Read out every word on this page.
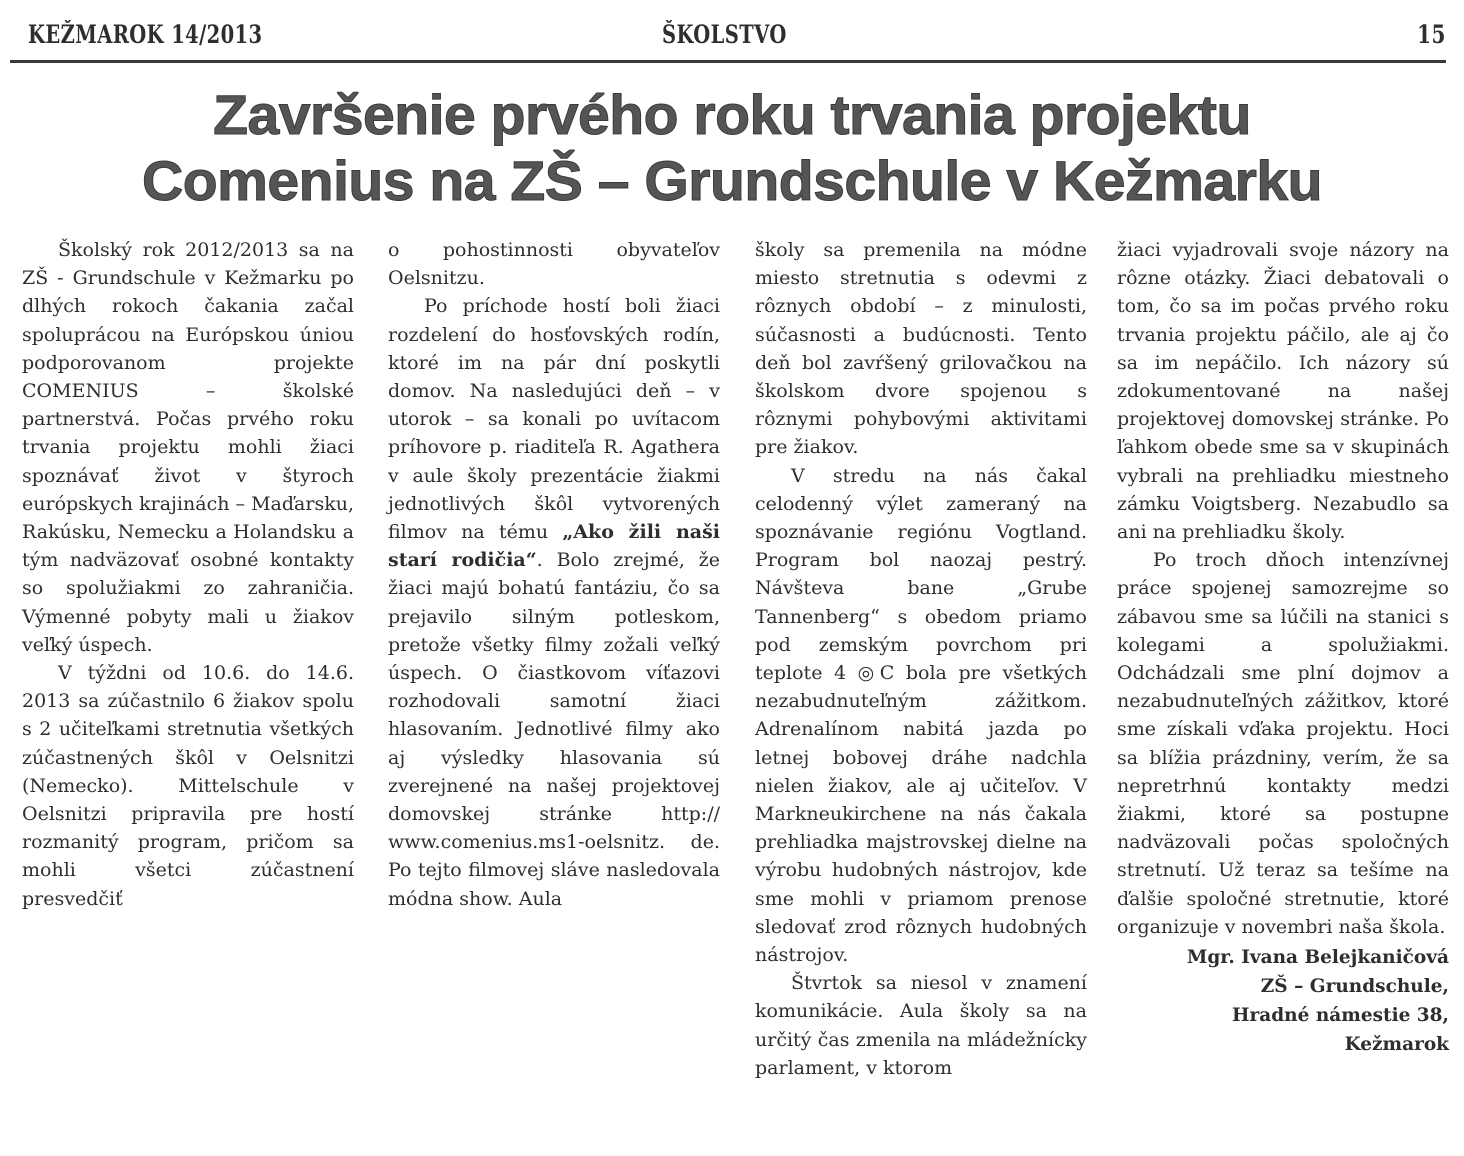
KEŽMAROK 14/2013	ŠKOLSTVO	15
Završenie prvého roku trvania projektu
Comenius na ZŠ – Grundschule v Kežmarku

Školský rok 2012/2013 sa na ZŠ - Grundschule v Kežmarku po dlhých rokoch čakania začal spoluprácou na Európskou úniou podporovanom projekte COMENIUS – školské partnerstvá. Počas prvého roku trvania projektu mohli žiaci spoznávať život v štyroch európskych krajinách – Maďarsku, Rakúsku, Nemecku a Holandsku a tým nadväzovať osobné kontakty so spolužiakmi zo zahraničia. Výmenné pobyty mali u žiakov veľký úspech.

V týždni od 10.6. do 14.6. 2013 sa zúčastnilo 6 žiakov spolu s 2 učiteľkami stretnutia všetkých zúčastnených škôl v Oelsnitzi (Nemecko). Mittelschule v Oelsnitzi pripravila pre hostí rozmanitý program, pričom sa mohli všetci zúčastnení presvedčiť

o pohostinnosti obyvateľov Oelsnitzu.

Po príchode hostí boli žiaci rozdelení do hosťovských rodín, ktoré im na pár dní poskytli domov. Na nasledujúci deň – v utorok – sa konali po uvítacom príhovore p. riaditeľa R. Agathera v aule školy prezentácie žiakmi jednotlivých škôl vytvorených filmov na tému „Ako žili naši starí rodičia“. Bolo zrejmé, že žiaci majú bohatú fantáziu, čo sa prejavilo silným potleskom, pretože všetky filmy zožali veľký úspech. O čiastkovom víťazovi rozhodovali samotní žiaci hlasovaním. Jednotlivé filmy ako aj výsledky hlasovania sú zverejnené na našej projektovej domovskej stránke http:// www.comenius.ms1-oelsnitz. de. Po tejto filmovej sláve nasledovala módna show. Aula

školy sa premenila na módne miesto stretnutia s odevmi z rôznych období – z minulosti, súčasnosti a budúcnosti. Tento deň bol zavŕšený grilovačkou na školskom dvore spojenou s rôznymi pohybovými aktivitami pre žiakov.

V stredu na nás čakal celodenný výlet zameraný na spoznávanie regiónu Vogtland. Program bol naozaj pestrý. Návšteva bane „Grube Tannenberg“ s obedom priamo pod zemským povrchom pri teplote 4 ◎C bola pre všetkých nezabudnuteľným zážitkom. Adrenalínom nabitá jazda po letnej bobovej dráhe nadchla nielen žiakov, ale aj učiteľov. V Markneukirchene na nás čakala prehliadka majstrovskej dielne na výrobu hudobných nástrojov, kde sme mohli v priamom prenose sledovať zrod rôznych hudobných nástrojov.

Štvrtok sa niesol v znamení komunikácie. Aula školy sa na určitý čas zmenila na mládežnícky parlament, v ktorom

žiaci vyjadrovali svoje názory na rôzne otázky. Žiaci debatovali o tom, čo sa im počas prvého roku trvania projektu páčilo, ale aj čo sa im nepáčilo. Ich názory sú zdokumentované na našej projektovej domovskej stránke. Po ľahkom obede sme sa v skupinách vybrali na prehliadku miestneho zámku Voigtsberg. Nezabudlo sa ani na prehliadku školy.

Po troch dňoch intenzívnej práce spojenej samozrejme so zábavou sme sa lúčili na stanici s kolegami a spolužiakmi. Odchádzali sme plní dojmov a nezabudnuteľných zážitkov, ktoré sme získali vďaka projektu. Hoci sa blížia prázdniny, verím, že sa nepretrhnú kontakty medzi žiakmi, ktoré sa postupne nadväzovali počas spoločných stretnutí. Už teraz sa tešíme na ďalšie spoločné stretnutie, ktoré organizuje v novembri naša škola.

Mgr. Ivana Belejkaničová
ZŠ – Grundschule,
Hradné námestie 38,
Kežmarok
